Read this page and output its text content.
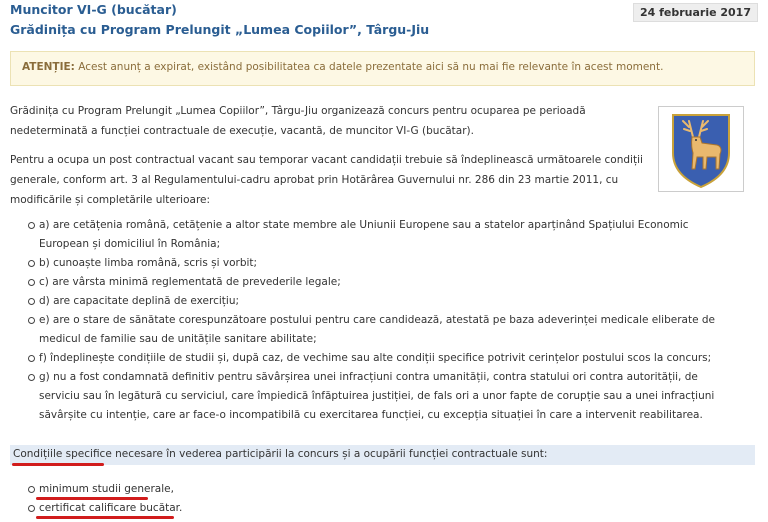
Muncitor VI-G (bucătar)
Grădinița cu Program Prelungit „Lumea Copiilor”, Târgu-Jiu
24 februarie 2017
ATENȚIE: Acest anunț a expirat, existând posibilitatea ca datele prezentate aici să nu mai fie relevante în acest moment.
Grădinița cu Program Prelungit „Lumea Copiilor”, Târgu-Jiu organizează concurs pentru ocuparea pe perioadă nedeterminată a funcției contractuale de execuție, vacantă, de muncitor VI-G (bucătar).
Pentru a ocupa un post contractual vacant sau temporar vacant candidații trebuie să îndeplinească următoarele condiții generale, conform art. 3 al Regulamentului-cadru aprobat prin Hotărârea Guvernului nr. 286 din 23 martie 2011, cu modificările și completările ulterioare:
a) are cetățenia română, cetățenie a altor state membre ale Uniunii Europene sau a statelor aparținând Spațiului Economic European și domiciliul în România;
b) cunoaște limba română, scris și vorbit;
c) are vârsta minimă reglementată de prevederile legale;
d) are capacitate deplină de exercițiu;
e) are o stare de sănătate corespunzătoare postului pentru care candidează, atestată pe baza adeverinței medicale eliberate de medicul de familie sau de unitățile sanitare abilitate;
f) îndeplinește condițiile de studii și, după caz, de vechime sau alte condiții specifice potrivit cerințelor postului scos la concurs;
g) nu a fost condamnată definitiv pentru săvârșirea unei infracțiuni contra umanității, contra statului ori contra autorității, de serviciu sau în legătură cu serviciul, care împiedică înfăptuirea justiției, de fals ori a unor fapte de corupție sau a unei infracțiuni săvârșite cu intenție, care ar face-o incompatibilă cu exercitarea funcției, cu excepția situației în care a intervenit reabilitarea.
Condițiile specifice necesare în vederea participării la concurs și a ocupării funcției contractuale sunt:
minimum studii generale,
certificat calificare bucătar.
